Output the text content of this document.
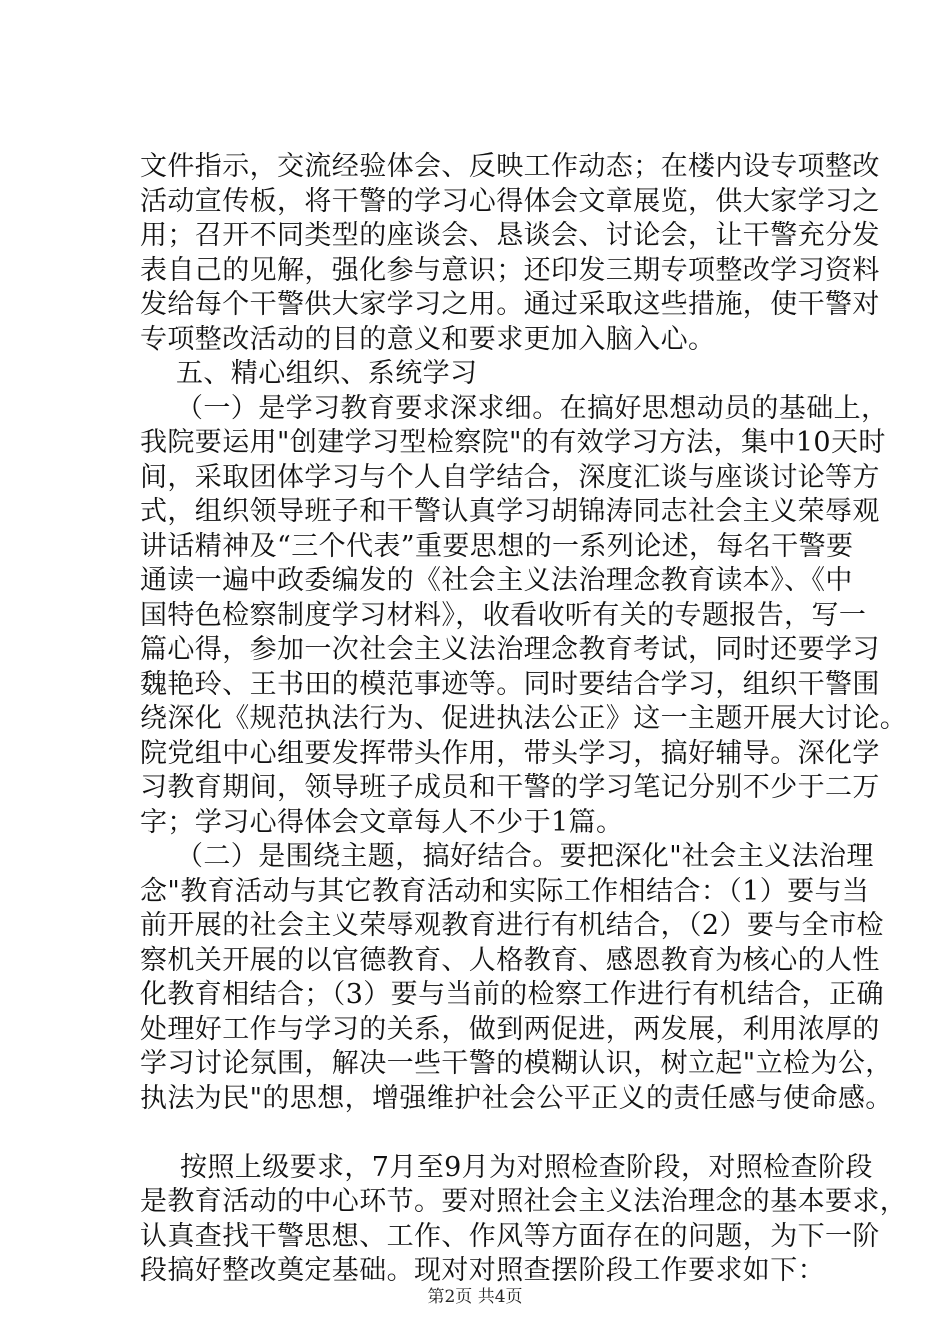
文件指示，交流经验体会、反映工作动态；在楼内设专项整改
活动宣传板，将干警的学习心得体会文章展览，供大家学习之
用；召开不同类型的座谈会、恳谈会、讨论会，让干警充分发
表自己的见解，强化参与意识；还印发三期专项整改学习资料
发给每个干警供大家学习之用。通过采取这些措施，使干警对
专项整改活动的目的意义和要求更加入脑入心。
五、精心组织、系统学习
（一）是学习教育要求深求细。在搞好思想动员的基础上，
我院要运用"创建学习型检察院"的有效学习方法，集中10天时
间，采取团体学习与个人自学结合，深度汇谈与座谈讨论等方
式，组织领导班子和干警认真学习胡锦涛同志社会主义荣辱观
讲话精神及“三个代表”重要思想的一系列论述，每名干警要
通读一遍中政委编发的《社会主义法治理念教育读本》、《中
国特色检察制度学习材料》，收看收听有关的专题报告，写一
篇心得，参加一次社会主义法治理念教育考试，同时还要学习
魏艳玲、王书田的模范事迹等。同时要结合学习，组织干警围
绕深化《规范执法行为、促进执法公正》这一主题开展大讨论。
院党组中心组要发挥带头作用，带头学习，搞好辅导。深化学
习教育期间，领导班子成员和干警的学习笔记分别不少于二万
字；学习心得体会文章每人不少于1篇。
（二）是围绕主题，搞好结合。要把深化"社会主义法治理
念"教育活动与其它教育活动和实际工作相结合：（1）要与当
前开展的社会主义荣辱观教育进行有机结合，（2）要与全市检
察机关开展的以官德教育、人格教育、感恩教育为核心的人性
化教育相结合；（3）要与当前的检察工作进行有机结合，正确
处理好工作与学习的关系，做到两促进，两发展，利用浓厚的
学习讨论氛围，解决一些干警的模糊认识，树立起"立检为公，
执法为民"的思想，增强维护社会公平正义的责任感与使命感。
按照上级要求，7月至9月为对照检查阶段，对照检查阶段
是教育活动的中心环节。要对照社会主义法治理念的基本要求，
认真查找干警思想、工作、作风等方面存在的问题，为下一阶
段搞好整改奠定基础。现对对照查摆阶段工作要求如下：
第2页 共4页
